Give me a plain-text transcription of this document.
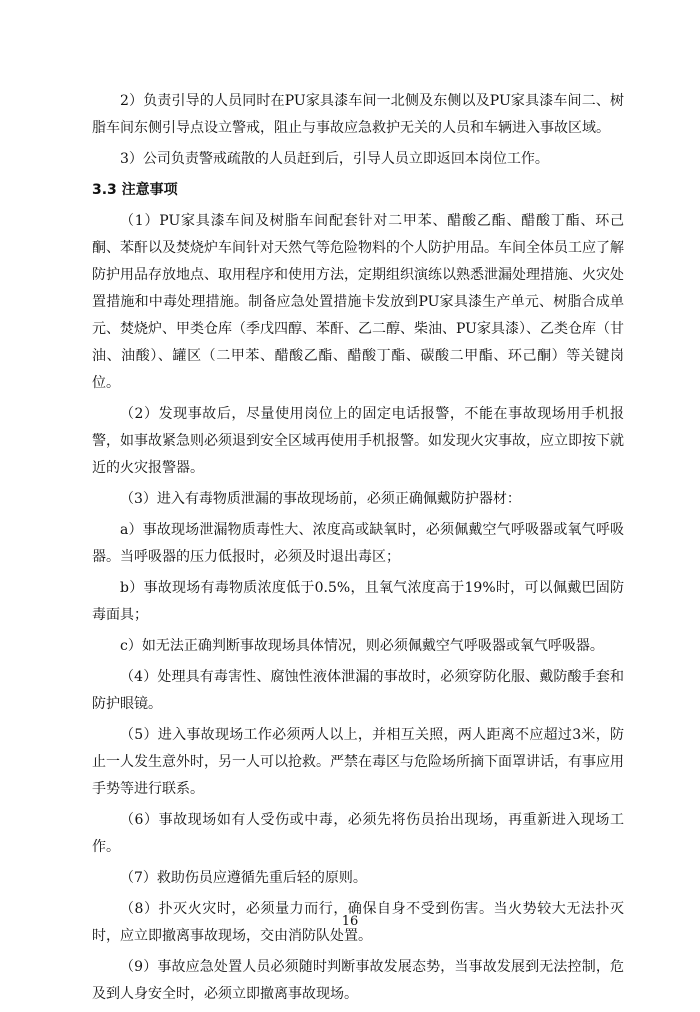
2）负责引导的人员同时在PU家具漆车间一北侧及东侧以及PU家具漆车间二、树脂车间东侧引导点设立警戒，阻止与事故应急救护无关的人员和车辆进入事故区域。

3）公司负责警戒疏散的人员赶到后，引导人员立即返回本岗位工作。

3.3 注意事项

（1）PU家具漆车间及树脂车间配套针对二甲苯、醋酸乙酯、醋酸丁酯、环己酮、苯酐以及焚烧炉车间针对天然气等危险物料的个人防护用品。车间全体员工应了解防护用品存放地点、取用程序和使用方法，定期组织演练以熟悉泄漏处理措施、火灾处置措施和中毒处理措施。制备应急处置措施卡发放到PU家具漆生产单元、树脂合成单元、焚烧炉、甲类仓库（季戊四醇、苯酐、乙二醇、柴油、PU家具漆）、乙类仓库（甘油、油酸）、罐区（二甲苯、醋酸乙酯、醋酸丁酯、碳酸二甲酯、环己酮）等关键岗位。

（2）发现事故后，尽量使用岗位上的固定电话报警，不能在事故现场用手机报警，如事故紧急则必须退到安全区域再使用手机报警。如发现火灾事故，应立即按下就近的火灾报警器。

（3）进入有毒物质泄漏的事故现场前，必须正确佩戴防护器材：

a）事故现场泄漏物质毒性大、浓度高或缺氧时，必须佩戴空气呼吸器或氧气呼吸器。当呼吸器的压力低报时，必须及时退出毒区；

b）事故现场有毒物质浓度低于0.5%，且氧气浓度高于19%时，可以佩戴巴固防毒面具；

c）如无法正确判断事故现场具体情况，则必须佩戴空气呼吸器或氧气呼吸器。

（4）处理具有毒害性、腐蚀性液体泄漏的事故时，必须穿防化服、戴防酸手套和防护眼镜。

（5）进入事故现场工作必须两人以上，并相互关照，两人距离不应超过3米，防止一人发生意外时，另一人可以抢救。严禁在毒区与危险场所摘下面罩讲话，有事应用手势等进行联系。

（6）事故现场如有人受伤或中毒，必须先将伤员抬出现场，再重新进入现场工作。

（7）救助伤员应遵循先重后轻的原则。

（8）扑灭火灾时，必须量力而行，确保自身不受到伤害。当火势较大无法扑灭时，应立即撤离事故现场，交由消防队处置。

（9）事故应急处置人员必须随时判断事故发展态势，当事故发展到无法控制，危及到人身安全时，必须立即撤离事故现场。

16
